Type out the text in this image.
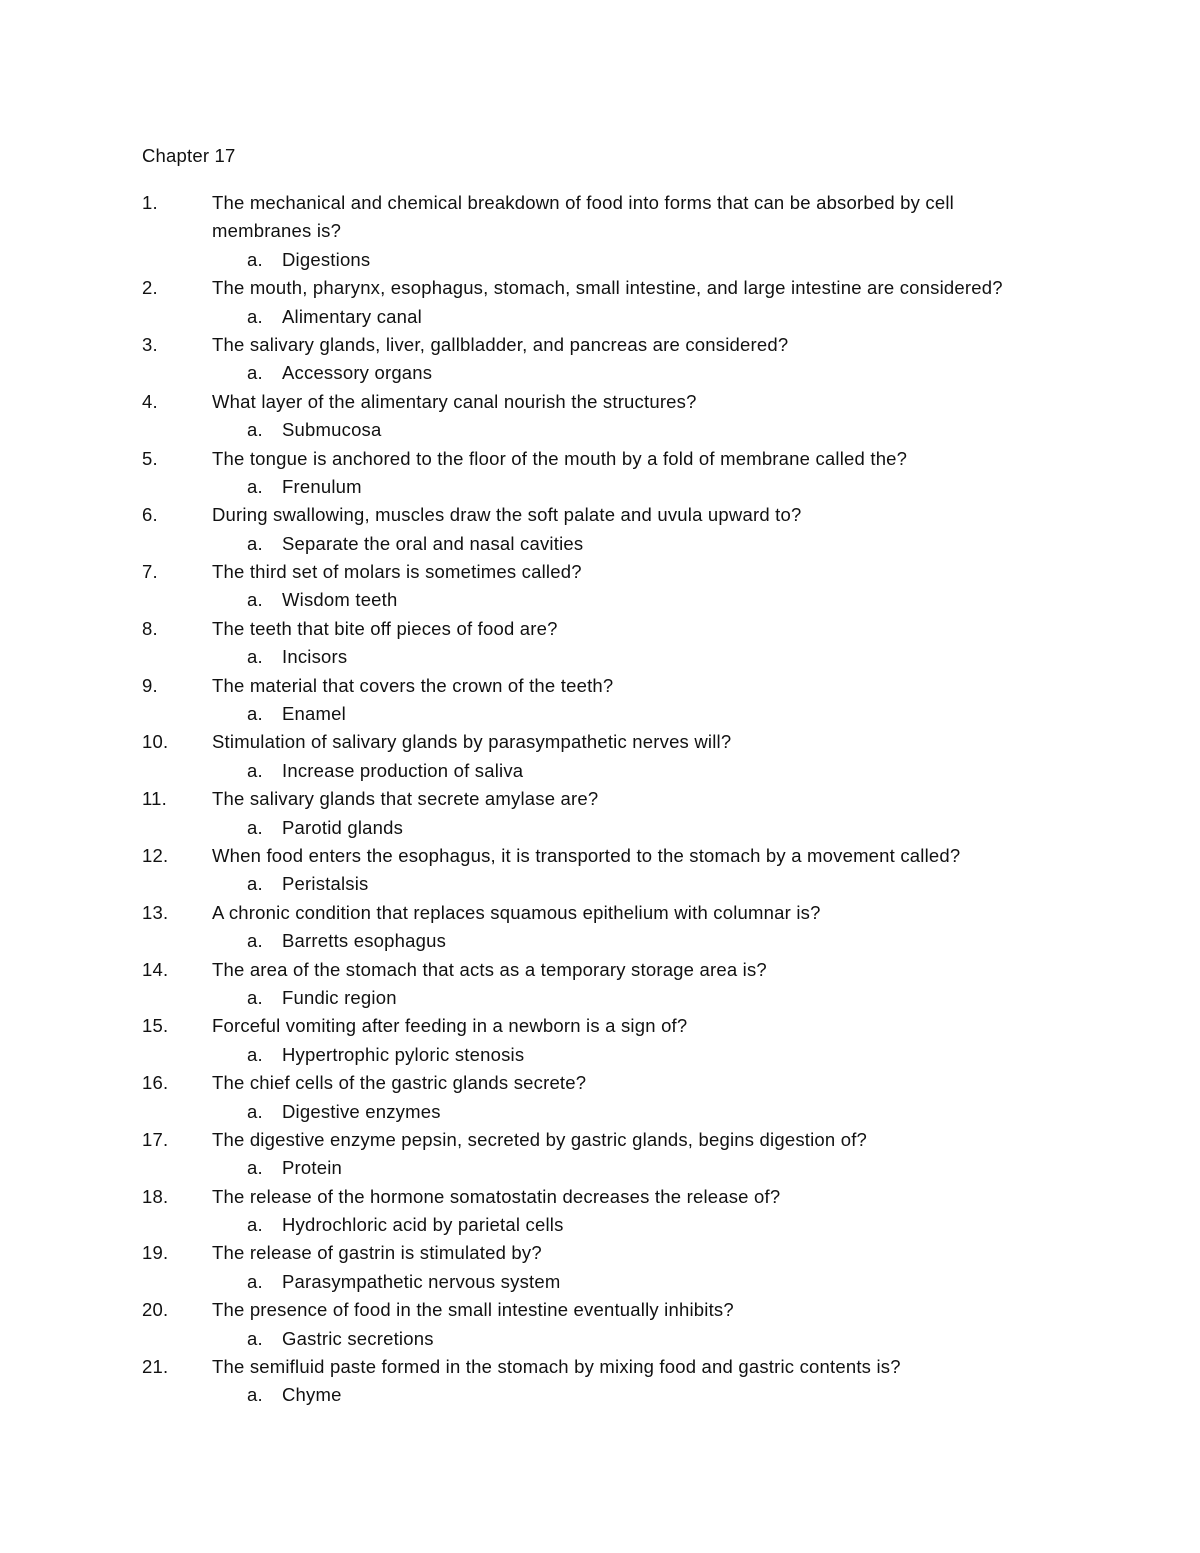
Chapter 17
1.	The mechanical and chemical breakdown of food into forms that can be absorbed by cell
membranes is?
a. Digestions
2.	The mouth, pharynx, esophagus, stomach, small intestine, and large intestine are considered?
a. Alimentary canal
3.	The salivary glands, liver, gallbladder, and pancreas are considered?
a. Accessory organs
4.	What layer of the alimentary canal nourish the structures?
a. Submucosa
5.	The tongue is anchored to the floor of the mouth by a fold of membrane called the?
a. Frenulum
6.	During swallowing, muscles draw the soft palate and uvula upward to?
a. Separate the oral and nasal cavities
7.	The third set of molars is sometimes called?
a. Wisdom teeth
8.	The teeth that bite off pieces of food are?
a. Incisors
9.	The material that covers the crown of the teeth?
a. Enamel
10.	Stimulation of salivary glands by parasympathetic nerves will?
a. Increase production of saliva
11.	The salivary glands that secrete amylase are?
a. Parotid glands
12.	When food enters the esophagus, it is transported to the stomach by a movement called?
a. Peristalsis
13.	A chronic condition that replaces squamous epithelium with columnar is?
a. Barretts esophagus
14.	The area of the stomach that acts as a temporary storage area is?
a. Fundic region
15.	Forceful vomiting after feeding in a newborn is a sign of?
a. Hypertrophic pyloric stenosis
16.	The chief cells of the gastric glands secrete?
a. Digestive enzymes
17.	The digestive enzyme pepsin, secreted by gastric glands, begins digestion of?
a. Protein
18.	The release of the hormone somatostatin decreases the release of?
a. Hydrochloric acid by parietal cells
19.	The release of gastrin is stimulated by?
a. Parasympathetic nervous system
20.	The presence of food in the small intestine eventually inhibits?
a. Gastric secretions
21.	The semifluid paste formed in the stomach by mixing food and gastric contents is?
a. Chyme
